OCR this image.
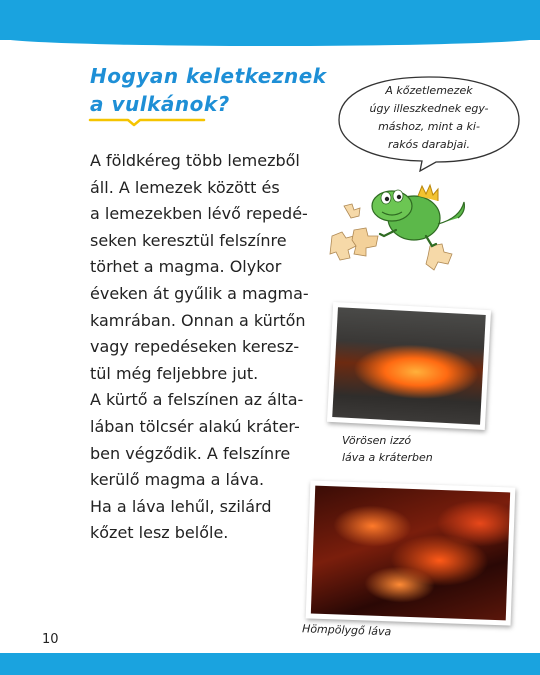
Hogyan keletkeznek
a vulkánok?
A földkéreg több lemezből
áll. A lemezek között és
a lemezekben lévő repedé-
seken keresztül felszínre
törhet a magma. Olykor
éveken át gyűlik a magma-
kamrában. Onnan a kürtőn
vagy repedéseken keresz-
tül még feljebbre jut.
A kürtő a felszínen az álta-
lában tölcsér alakú kráter-
ben végződik. A felszínre
kerülő magma a láva.
Ha a láva lehűl, szilárd
kőzet lesz belőle.
A kőzetlemezek
úgy illeszkednek egy-
máshoz, mint a ki-
rakós darabjai.
Vörösen izzó
láva a kráterben
Hömpölygő láva
10
